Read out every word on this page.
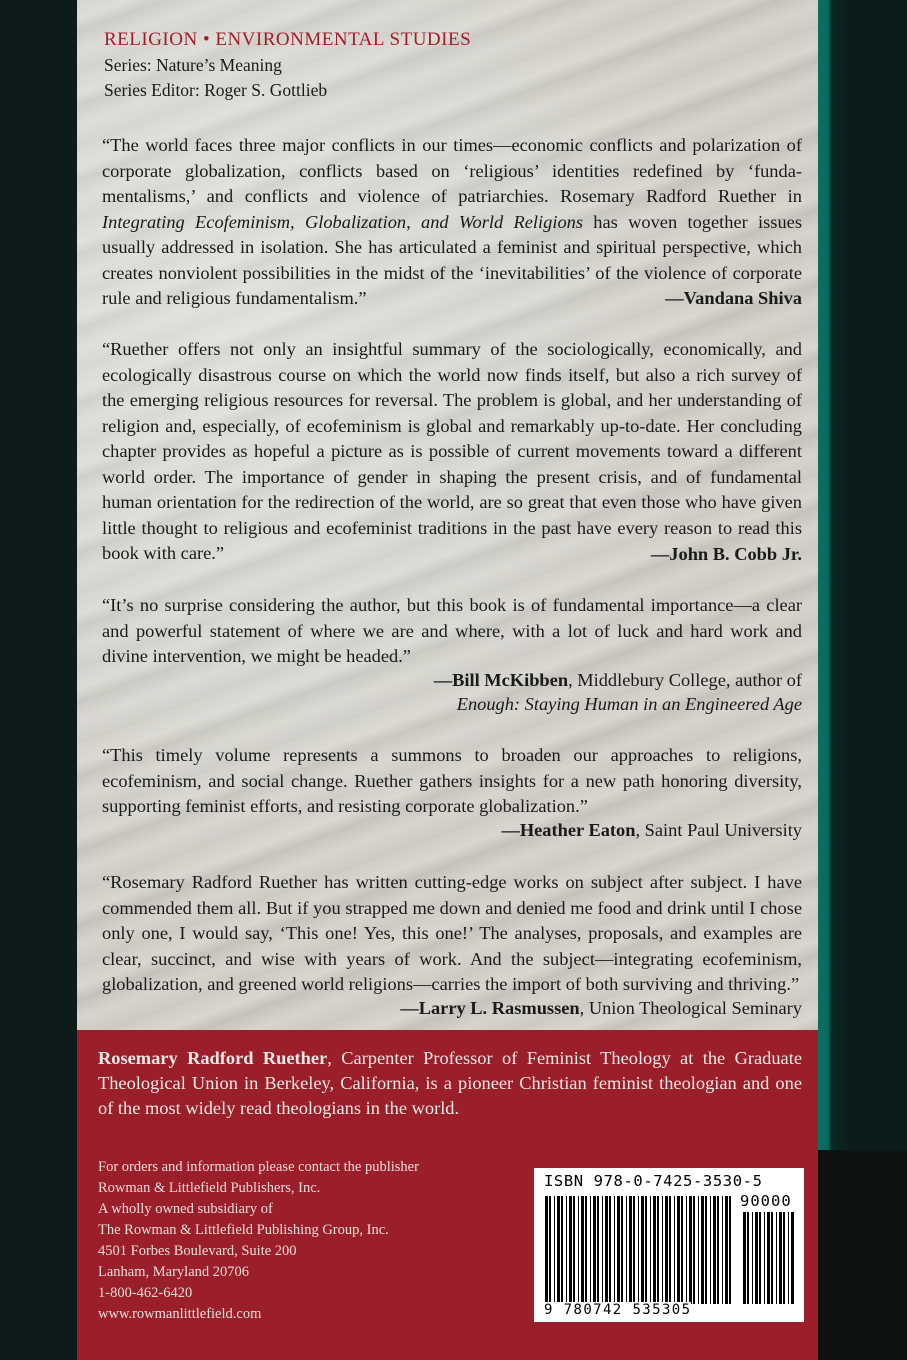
RELIGION • ENVIRONMENTAL STUDIES
Series: Nature’s Meaning
Series Editor: Roger S. Gottlieb
“The world faces three major conflicts in our times—economic conflicts and polarization of corporate globalization, conflicts based on ‘religious’ identities redefined by ‘fundamentalisms,’ and conflicts and violence of patriarchies. Rosemary Radford Ruether in Integrating Ecofeminism, Globalization, and World Religions has woven together issues usually addressed in isolation. She has articulated a feminist and spiritual perspective, which creates nonviolent possibilities in the midst of the ‘inevitabilities’ of the violence of corporate rule and religious fundamentalism.”	—Vandana Shiva
“Ruether offers not only an insightful summary of the sociologically, economically, and ecologically disastrous course on which the world now finds itself, but also a rich survey of the emerging religious resources for reversal. The problem is global, and her understanding of religion and, especially, of ecofeminism is global and remarkably up-to-date. Her concluding chapter provides as hopeful a picture as is possible of current movements toward a different world order. The importance of gender in shaping the present crisis, and of fundamental human orientation for the redirection of the world, are so great that even those who have given little thought to religious and ecofeminist traditions in the past have every reason to read this book with care.”	—John B. Cobb Jr.
“It’s no surprise considering the author, but this book is of fundamental importance—a clear and powerful statement of where we are and where, with a lot of luck and hard work and divine intervention, we might be headed.”
—Bill McKibben, Middlebury College, author of
Enough: Staying Human in an Engineered Age
“This timely volume represents a summons to broaden our approaches to religions, ecofeminism, and social change. Ruether gathers insights for a new path honoring diversity, supporting feminist efforts, and resisting corporate globalization.”
—Heather Eaton, Saint Paul University
“Rosemary Radford Ruether has written cutting-edge works on subject after subject. I have commended them all. But if you strapped me down and denied me food and drink until I chose only one, I would say, ‘This one! Yes, this one!’ The analyses, proposals, and examples are clear, succinct, and wise with years of work. And the subject—integrating ecofeminism, globalization, and greened world religions—carries the import of both surviving and thriving.”
—Larry L. Rasmussen, Union Theological Seminary
Rosemary Radford Ruether, Carpenter Professor of Feminist Theology at the Graduate Theological Union in Berkeley, California, is a pioneer Christian feminist theologian and one of the most widely read theologians in the world.
For orders and information please contact the publisher
Rowman & Littlefield Publishers, Inc.
A wholly owned subsidiary of
The Rowman & Littlefield Publishing Group, Inc.
4501 Forbes Boulevard, Suite 200
Lanham, Maryland 20706
1-800-462-6420
www.rowmanlittlefield.com
ISBN 978-0-7425-3530-5
90000
9 780742 535305
